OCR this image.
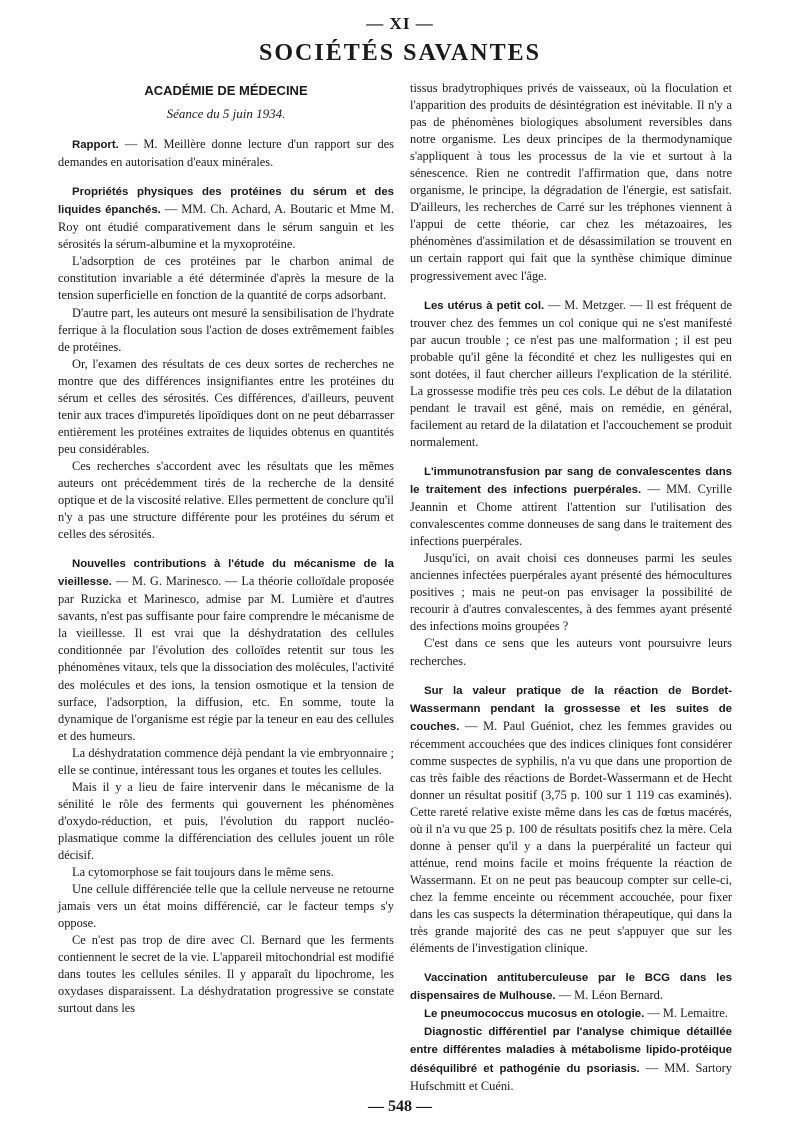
— XI —
SOCIÉTÉS SAVANTES
ACADÉMIE DE MÉDECINE
Séance du 5 juin 1934.

Rapport. — M. Meillère donne lecture d'un rapport sur des demandes en autorisation d'eaux minérales.

Propriétés physiques des protéines du sérum et des liquides épanchés. — MM. Ch. Achard, A. Boutaric et Mme M. Roy ont étudié comparativement dans le sérum sanguin et les sérosités la sérum-albumine et la myxoprotéine.

L'adsorption de ces protéines par le charbon animal de constitution invariable a été déterminée d'après la mesure de la tension superficielle en fonction de la quantité de corps adsorbant.

D'autre part, les auteurs ont mesuré la sensibilisation de l'hydrate ferrique à la floculation sous l'action de doses extrêmement faibles de protéines.

Or, l'examen des résultats de ces deux sortes de recherches ne montre que des différences insignifiantes entre les protéines du sérum et celles des sérosités. Ces différences, d'ailleurs, peuvent tenir aux traces d'impuretés lipoïdiques dont on ne peut débarrasser entièrement les protéines extraites de liquides obtenus en quantités peu considérables.

Ces recherches s'accordent avec les résultats que les mêmes auteurs ont précédemment tirés de la recherche de la densité optique et de la viscosité relative. Elles permettent de conclure qu'il n'y a pas une structure différente pour les protéines du sérum et celles des sérosités.

Nouvelles contributions à l'étude du mécanisme de la vieillesse. — M. G. Marinesco. — La théorie colloïdale proposée par Ruzicka et Marinesco, admise par M. Lumière et d'autres savants, n'est pas suffisante pour faire comprendre le mécanisme de la vieillesse. Il est vrai que la déshydratation des cellules conditionnée par l'évolution des colloïdes retentit sur tous les phénomènes vitaux, tels que la dissociation des molécules, l'activité des molécules et des ions, la tension osmotique et la tension de surface, l'adsorption, la diffusion, etc. En somme, toute la dynamique de l'organisme est régie par la teneur en eau des cellules et des humeurs.

La déshydratation commence déjà pendant la vie embryonnaire ; elle se continue, intéressant tous les organes et toutes les cellules.

Mais il y a lieu de faire intervenir dans le mécanisme de la sénilité le rôle des ferments qui gouvernent les phénomènes d'oxydo-réduction, et puis, l'évolution du rapport nucléo-plasmatique comme la différenciation des cellules jouent un rôle décisif.

La cytomorphose se fait toujours dans le même sens.

Une cellule différenciée telle que la cellule nerveuse ne retourne jamais vers un état moins différencié, car le facteur temps s'y oppose.

Ce n'est pas trop de dire avec Cl. Bernard que les ferments contiennent le secret de la vie. L'appareil mitochondrial est modifié dans toutes les cellules séniles. Il y apparaît du lipochrome, les oxydases disparaissent. La déshydratation progressive se constate surtout dans les

tissus bradytrophiques privés de vaisseaux, où la floculation et l'apparition des produits de désintégration est inévitable. Il n'y a pas de phénomènes biologiques absolument reversibles dans notre organisme. Les deux principes de la thermodynamique s'appliquent à tous les processus de la vie et surtout à la sénescence. Rien ne contredit l'affirmation que, dans notre organisme, le principe, la dégradation de l'énergie, est satisfait. D'ailleurs, les recherches de Carré sur les tréphones viennent à l'appui de cette théorie, car chez les métazoaires, les phénomènes d'assimilation et de désassimilation se trouvent en un certain rapport qui fait que la synthèse chimique diminue progressivement avec l'âge.

Les utérus à petit col. — M. Metzger. — Il est fréquent de trouver chez des femmes un col conique qui ne s'est manifesté par aucun trouble ; ce n'est pas une malformation ; il est peu probable qu'il gêne la fécondité et chez les nulligestes qui en sont dotées, il faut chercher ailleurs l'explication de la stérilité. La grossesse modifie très peu ces cols. Le début de la dilatation pendant le travail est gêné, mais on remédie, en général, facilement au retard de la dilatation et l'accouchement se produit normalement.

L'immunotransfusion par sang de convalescentes dans le traitement des infections puerpérales. — MM. Cyrille Jeannin et Chome attirent l'attention sur l'utilisation des convalescentes comme donneuses de sang dans le traitement des infections puerpérales.

Jusqu'ici, on avait choisi ces donneuses parmi les seules anciennes infectées puerpérales ayant présenté des hémocultures positives ; mais ne peut-on pas envisager la possibilité de recourir à d'autres convalescentes, à des femmes ayant présenté des infections moins groupées ?

C'est dans ce sens que les auteurs vont poursuivre leurs recherches.

Sur la valeur pratique de la réaction de Bordet-Wassermann pendant la grossesse et les suites de couches. — M. Paul Guéniot, chez les femmes gravides ou récemment accouchées que des indices cliniques font considérer comme suspectes de syphilis, n'a vu que dans une proportion de cas très faible des réactions de Bordet-Wassermann et de Hecht donner un résultat positif (3,75 p. 100 sur 1 119 cas examinés). Cette rareté relative existe même dans les cas de fœtus macérés, où il n'a vu que 25 p. 100 de résultats positifs chez la mère. Cela donne à penser qu'il y a dans la puerpéralité un facteur qui atténue, rend moins facile et moins fréquente la réaction de Wassermann. Et on ne peut pas beaucoup compter sur celle-ci, chez la femme enceinte ou récemment accouchée, pour fixer dans les cas suspects la détermination thérapeutique, qui dans la très grande majorité des cas ne peut s'appuyer que sur les éléments de l'investigation clinique.

Vaccination antituberculeuse par le BCG dans les dispensaires de Mulhouse. — M. Léon Bernard.

Le pneumococcus mucosus en otologie. — M. Lemaitre.

Diagnostic différentiel par l'analyse chimique détaillée entre différentes maladies à métabolisme lipido-protéique déséquilibré et pathogénie du psoriasis. — MM. Sartory Hufschmitt et Cuéni.

— 548 —
